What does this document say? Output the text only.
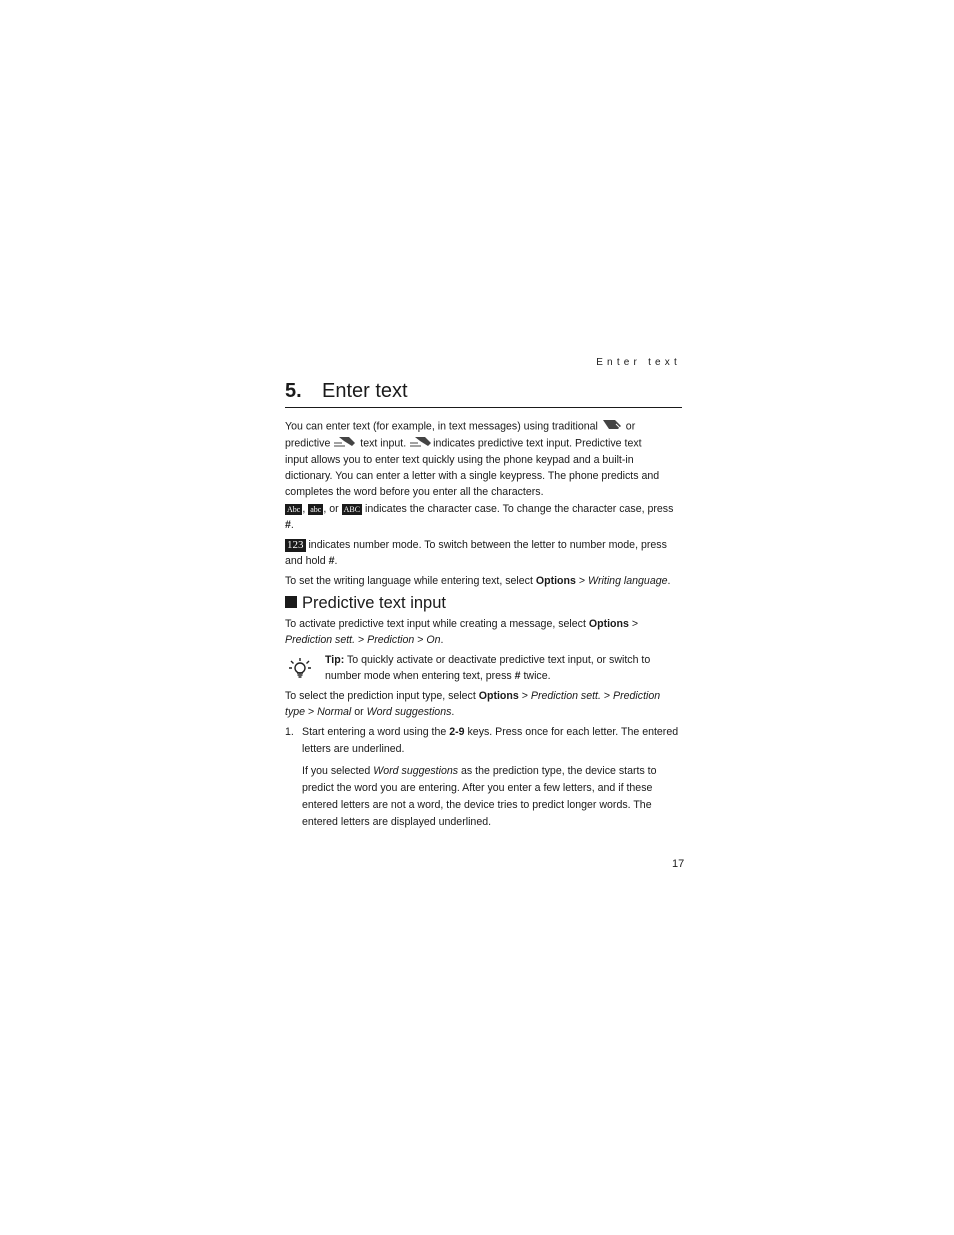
Enter text
5. Enter text
You can enter text (for example, in text messages) using traditional	or
predictive	text input.	indicates predictive text input. Predictive text
input allows you to enter text quickly using the phone keypad and a built-in
dictionary. You can enter a letter with a single keypress. The phone predicts and
completes the word before you enter all the characters.
Abc , abc , or ABC indicates the character case. To change the character case, press
#.
123 indicates number mode. To switch between the letter to number mode, press
and hold #.
To set the writing language while entering text, select Options > Writing language.
Predictive text input
To activate predictive text input while creating a message, select Options >
Prediction sett. > Prediction > On.
Tip: To quickly activate or deactivate predictive text input, or switch to
number mode when entering text, press # twice.
To select the prediction input type, select Options > Prediction sett. > Prediction
type > Normal or Word suggestions.
1. Start entering a word using the 2-9 keys. Press once for each letter. The entered
letters are underlined.
If you selected Word suggestions as the prediction type, the device starts to
predict the word you are entering. After you enter a few letters, and if these
entered letters are not a word, the device tries to predict longer words. The
entered letters are displayed underlined.
17
